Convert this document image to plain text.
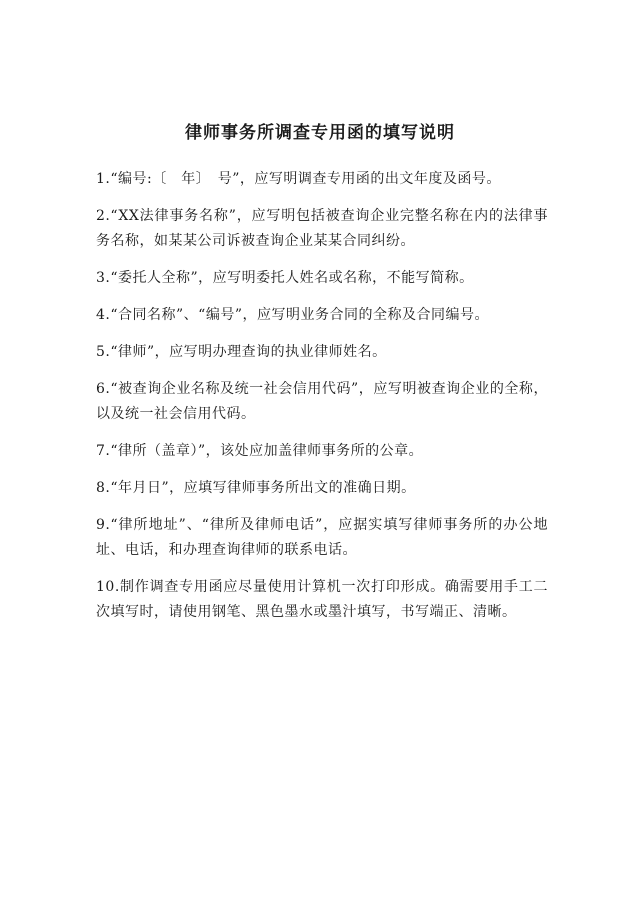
律师事务所调查专用函的填写说明

1.“编号:〔　年〕　号”，应写明调查专用函的出文年度及函号。

2.“XX法律事务名称”，应写明包括被查询企业完整名称在内的法律事务名称，如某某公司诉被查询企业某某合同纠纷。

3.“委托人全称”，应写明委托人姓名或名称，不能写简称。

4.“合同名称”、“编号”，应写明业务合同的全称及合同编号。

5.“律师”，应写明办理查询的执业律师姓名。

6.“被查询企业名称及统一社会信用代码”，应写明被查询企业的全称，以及统一社会信用代码。

7.“律所（盖章）”，该处应加盖律师事务所的公章。

8.“年月日”，应填写律师事务所出文的准确日期。

9.“律所地址”、“律所及律师电话”，应据实填写律师事务所的办公地址、电话，和办理查询律师的联系电话。

10.制作调查专用函应尽量使用计算机一次打印形成。确需要用手工二次填写时，请使用钢笔、黑色墨水或墨汁填写，书写端正、清晰。
